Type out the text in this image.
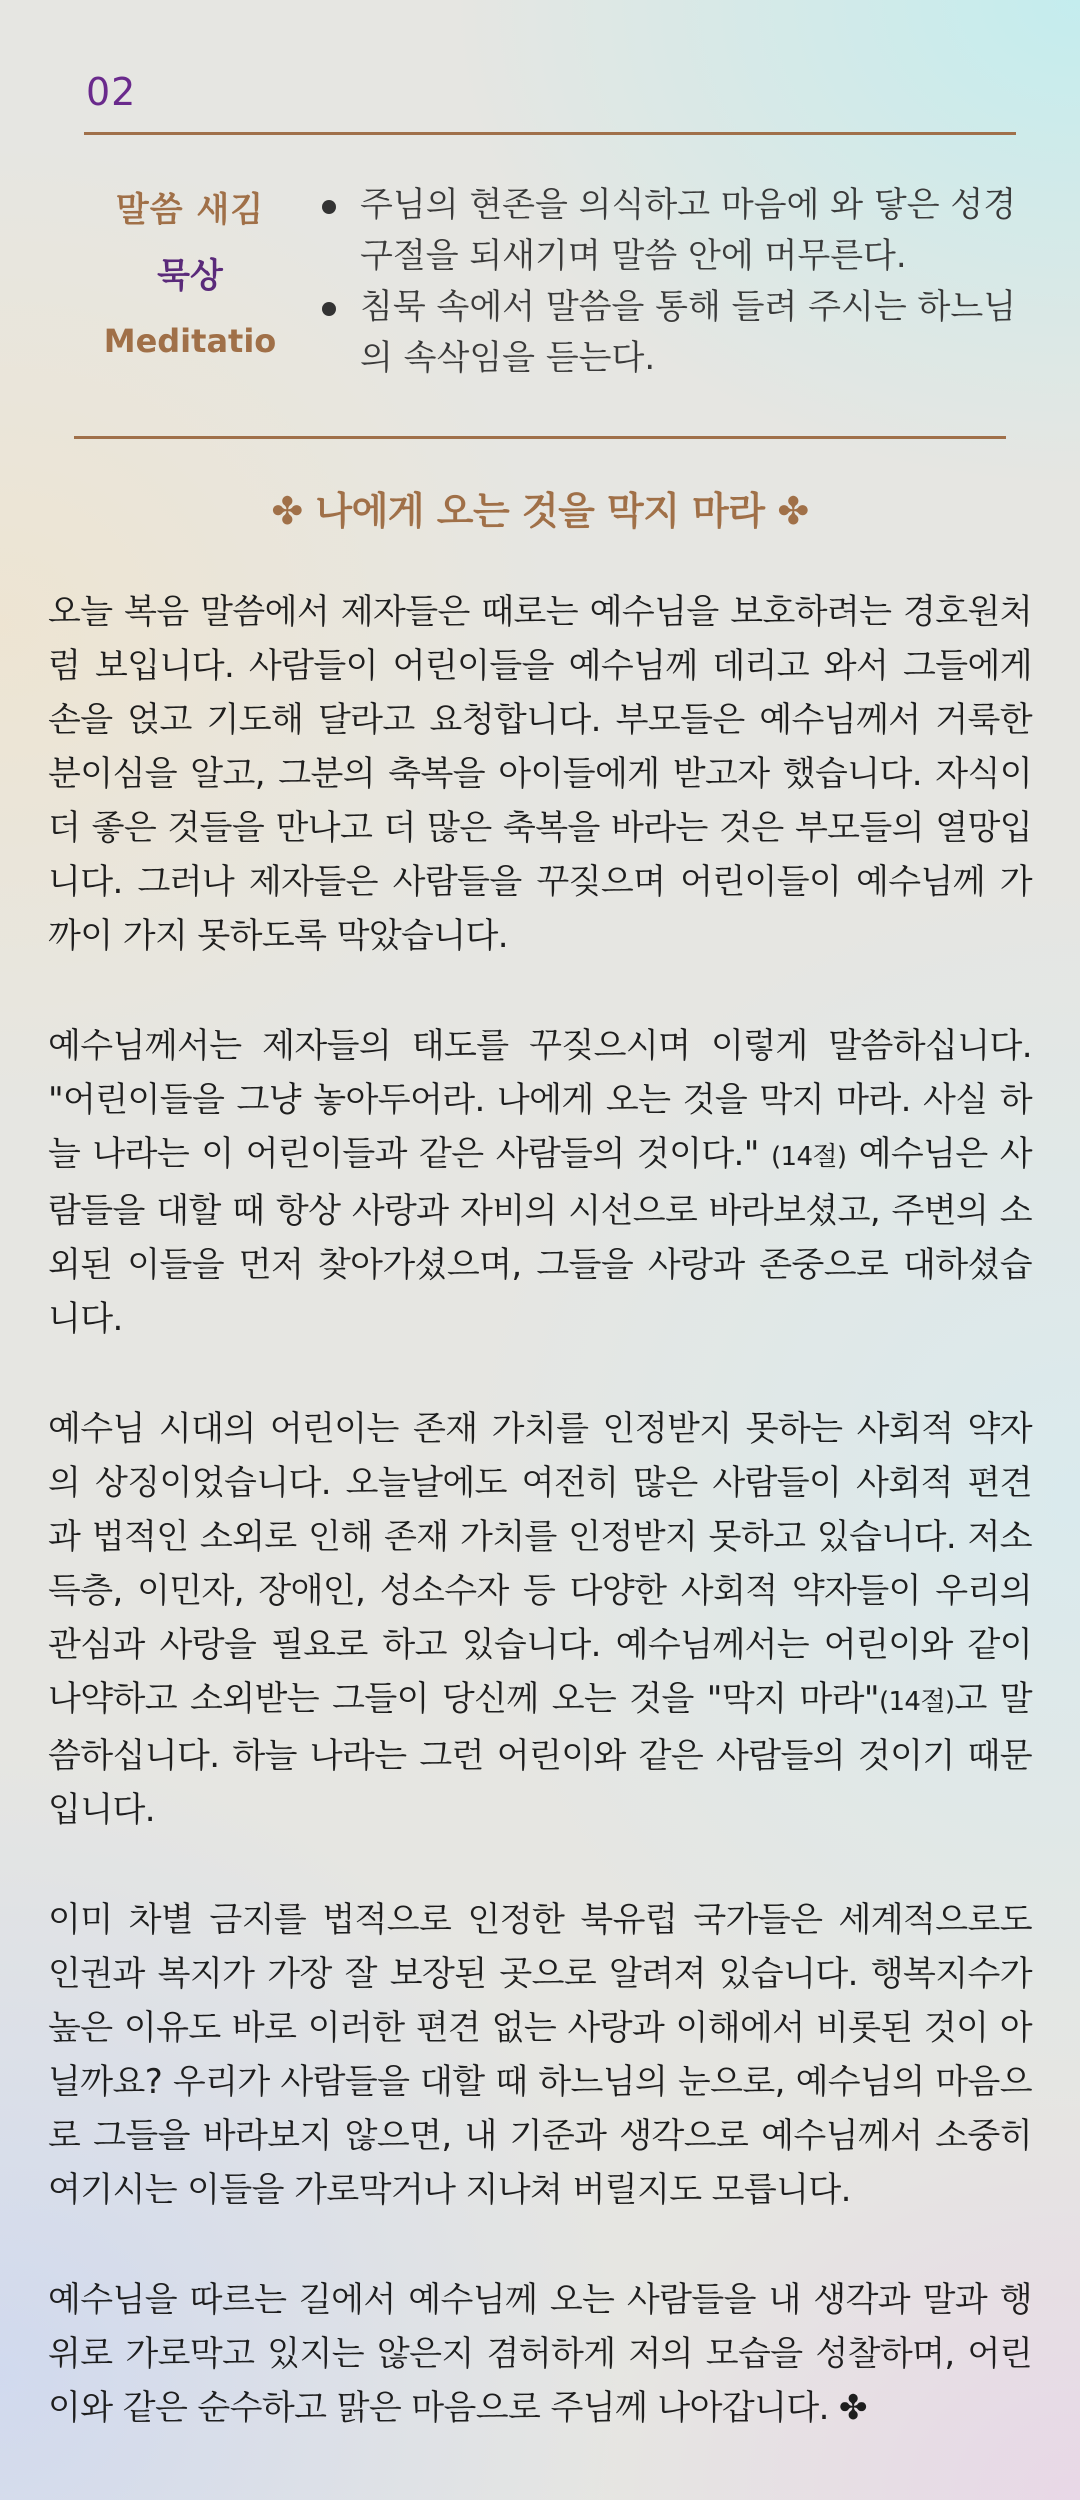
02
말씀 새김
묵상
Meditatio
주님의 현존을 의식하고 마음에 와 닿은 성경구절을 되새기며 말씀 안에 머무른다.
침묵 속에서 말씀을 통해 들려 주시는 하느님의 속삭임을 듣는다.
✤ 나에게 오는 것을 막지 마라 ✤

오늘 복음 말씀에서 제자들은 때로는 예수님을 보호하려는 경호원처럼 보입니다. 사람들이 어린이들을 예수님께 데리고 와서 그들에게 손을 얹고 기도해 달라고 요청합니다. 부모들은 예수님께서 거룩한 분이심을 알고, 그분의 축복을 아이들에게 받고자 했습니다. 자식이 더 좋은 것들을 만나고 더 많은 축복을 바라는 것은 부모들의 열망입니다. 그러나 제자들은 사람들을 꾸짖으며 어린이들이 예수님께 가까이 가지 못하도록 막았습니다.

예수님께서는 제자들의 태도를 꾸짖으시며 이렇게 말씀하십니다. "어린이들을 그냥 놓아두어라. 나에게 오는 것을 막지 마라. 사실 하늘 나라는 이 어린이들과 같은 사람들의 것이다." (14절) 예수님은 사람들을 대할 때 항상 사랑과 자비의 시선으로 바라보셨고, 주변의 소외된 이들을 먼저 찾아가셨으며, 그들을 사랑과 존중으로 대하셨습니다.

예수님 시대의 어린이는 존재 가치를 인정받지 못하는 사회적 약자의 상징이었습니다. 오늘날에도 여전히 많은 사람들이 사회적 편견과 법적인 소외로 인해 존재 가치를 인정받지 못하고 있습니다. 저소득층, 이민자, 장애인, 성소수자 등 다양한 사회적 약자들이 우리의 관심과 사랑을 필요로 하고 있습니다. 예수님께서는 어린이와 같이 나약하고 소외받는 그들이 당신께 오는 것을 "막지 마라"(14절)고 말씀하십니다. 하늘 나라는 그런 어린이와 같은 사람들의 것이기 때문입니다.

이미 차별 금지를 법적으로 인정한 북유럽 국가들은 세계적으로도 인권과 복지가 가장 잘 보장된 곳으로 알려져 있습니다. 행복지수가 높은 이유도 바로 이러한 편견 없는 사랑과 이해에서 비롯된 것이 아닐까요? 우리가 사람들을 대할 때 하느님의 눈으로, 예수님의 마음으로 그들을 바라보지 않으면, 내 기준과 생각으로 예수님께서 소중히 여기시는 이들을 가로막거나 지나쳐 버릴지도 모릅니다.

예수님을 따르는 길에서 예수님께 오는 사람들을 내 생각과 말과 행위로 가로막고 있지는 않은지 겸허하게 저의 모습을 성찰하며, 어린이와 같은 순수하고 맑은 마음으로 주님께 나아갑니다. ✤
